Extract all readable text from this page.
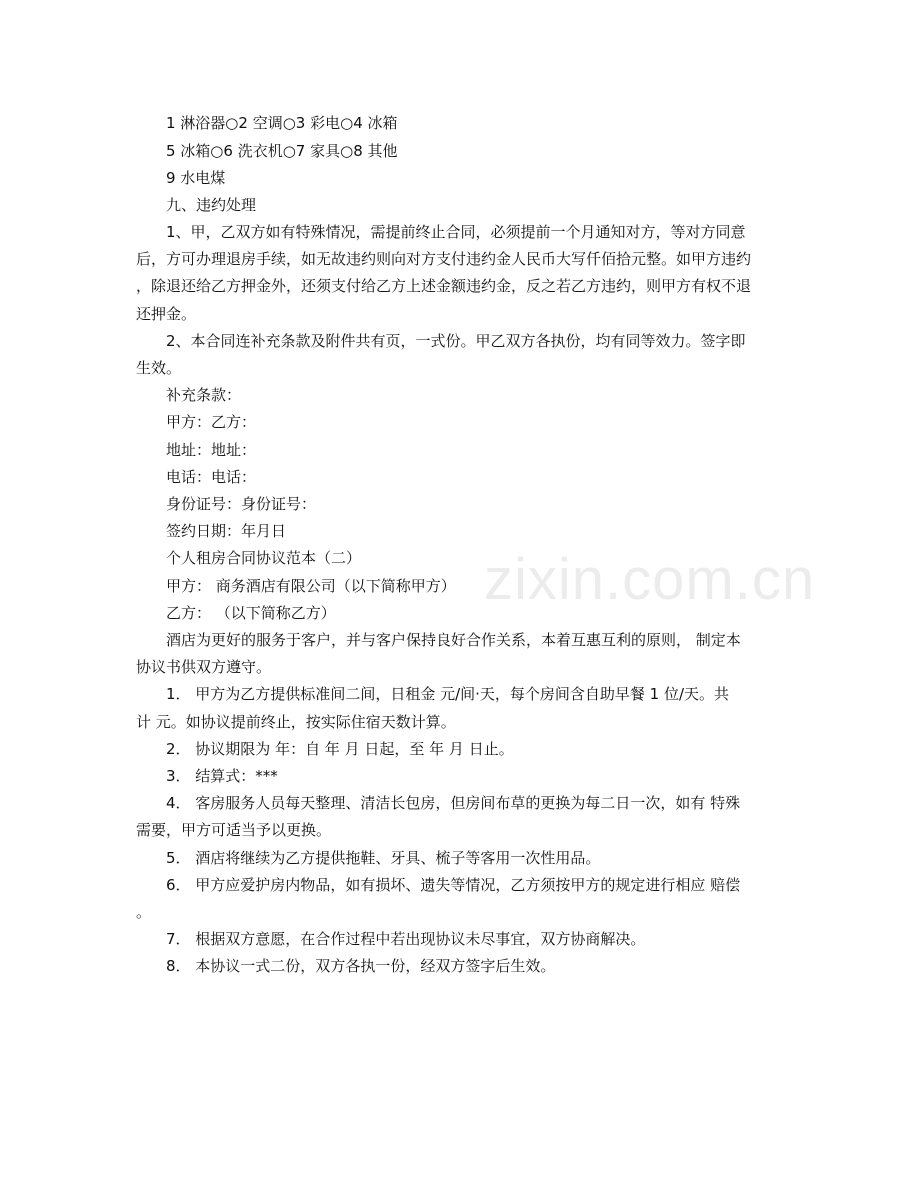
zixin.com.cn
1 淋浴器○2 空调○3 彩电○4 冰箱
5 冰箱○6 洗衣机○7 家具○8 其他
9 水电煤
九、违约处理
1、甲，乙双方如有特殊情况，需提前终止合同，必须提前一个月通知对方，等对方同意
后，方可办理退房手续，如无故违约则向对方支付违约金人民币大写仟佰拾元整。如甲方违约
，除退还给乙方押金外，还须支付给乙方上述金额违约金，反之若乙方违约，则甲方有权不退
还押金。
2、本合同连补充条款及附件共有页，一式份。甲乙双方各执份，均有同等效力。签字即
生效。
补充条款：
甲方：乙方：
地址：地址：
电话：电话：
身份证号：身份证号：
签约日期：年月日
个人租房合同协议范本（二）
甲方： 商务酒店有限公司（以下简称甲方）
乙方： （以下简称乙方）
酒店为更好的服务于客户，并与客户保持良好合作关系，本着互惠互利的原则， 制定本
协议书供双方遵守。
1． 甲方为乙方提供标准间二间，日租金 元/间·天，每个房间含自助早餐 1 位/天。共
计 元。如协议提前终止，按实际住宿天数计算。
2． 协议期限为 年：自 年 月 日起，至 年 月 日止。
3． 结算式：***
4． 客房服务人员每天整理、清洁长包房，但房间布草的更换为每二日一次，如有 特殊
需要，甲方可适当予以更换。
5． 酒店将继续为乙方提供拖鞋、牙具、梳子等客用一次性用品。
6． 甲方应爱护房内物品，如有损坏、遗失等情况，乙方须按甲方的规定进行相应 赔偿
。
7． 根据双方意愿，在合作过程中若出现协议未尽事宜，双方协商解决。
8． 本协议一式二份，双方各执一份，经双方签字后生效。
